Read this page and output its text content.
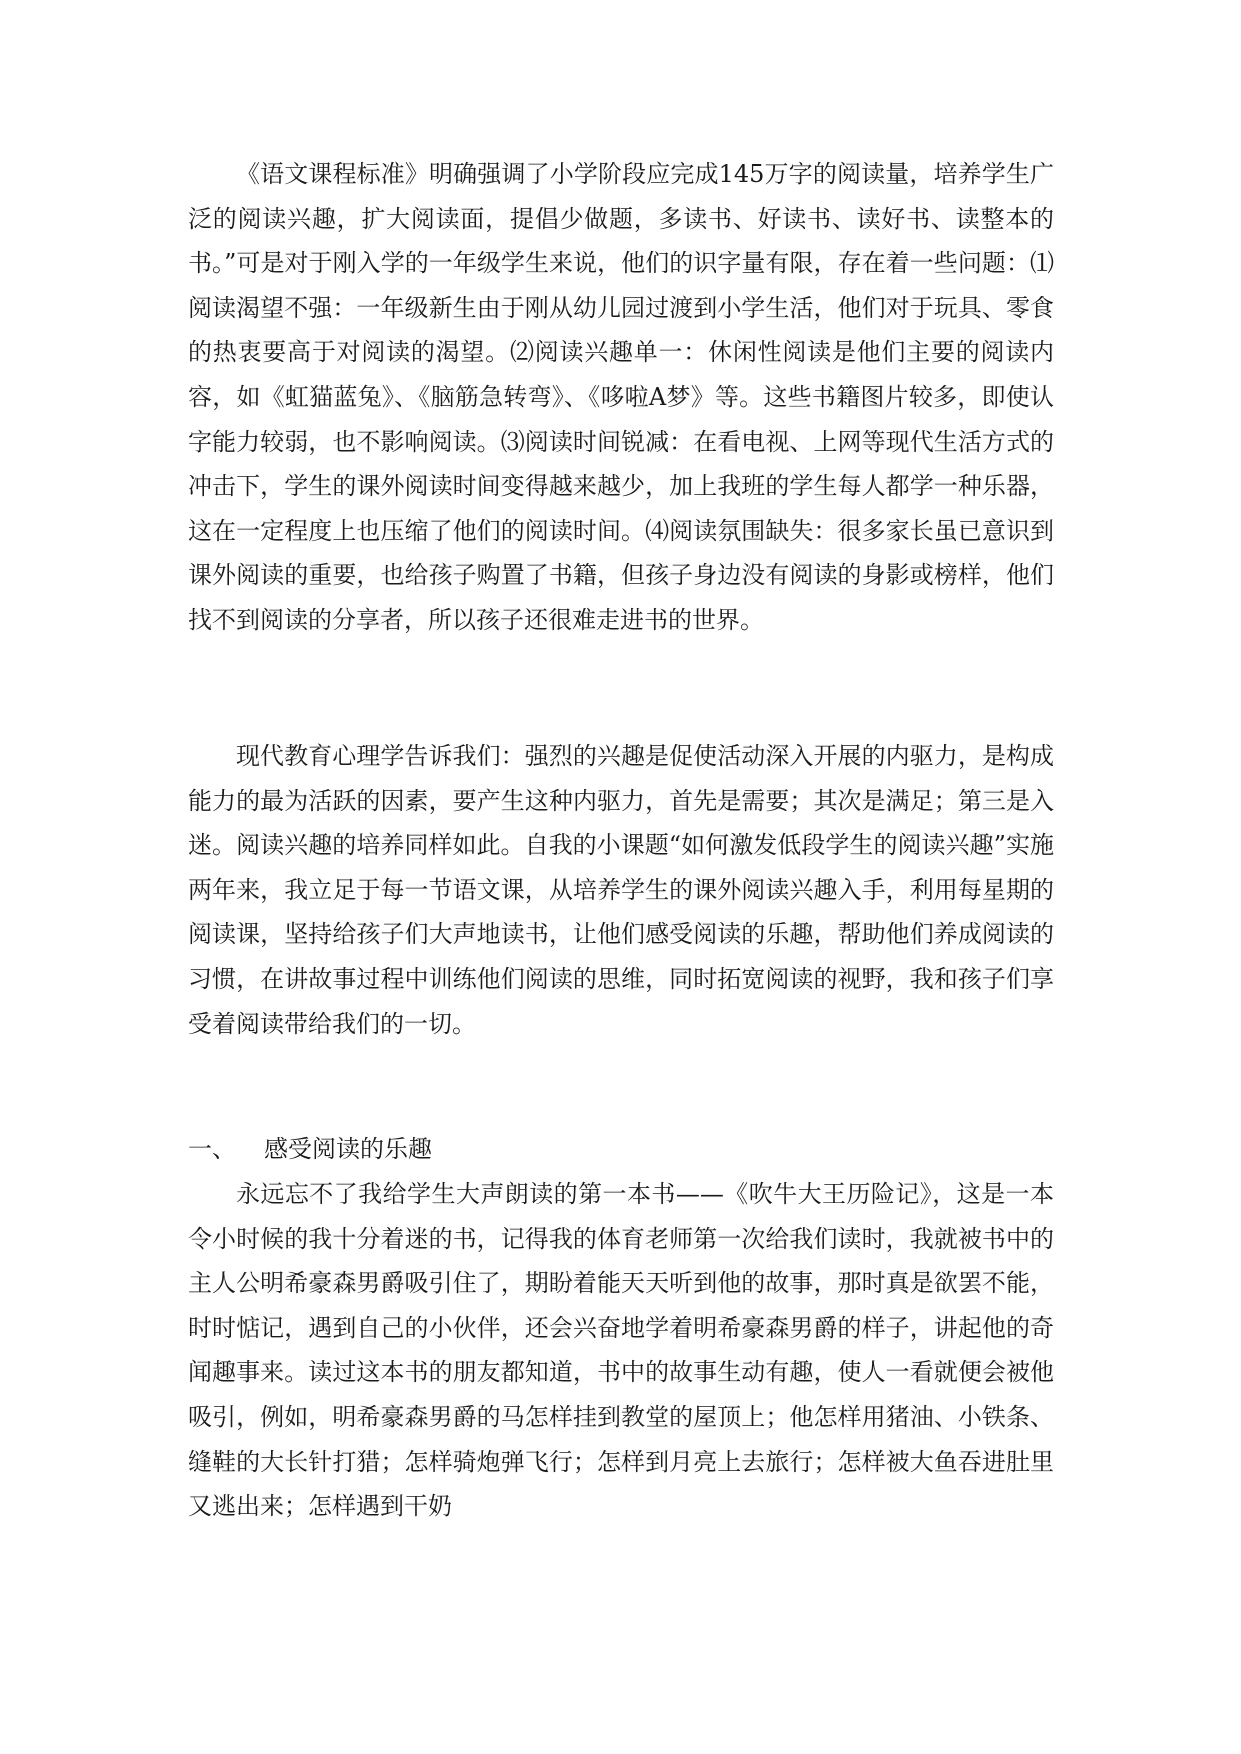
《语文课程标准》明确强调了小学阶段应完成145万字的阅读量，培养学生广泛的阅读兴趣，扩大阅读面，提倡少做题，多读书、好读书、读好书、读整本的书。”可是对于刚入学的一年级学生来说，他们的识字量有限，存在着一些问题：⑴阅读渴望不强：一年级新生由于刚从幼儿园过渡到小学生活，他们对于玩具、零食的热衷要高于对阅读的渴望。⑵阅读兴趣单一：休闲性阅读是他们主要的阅读内容，如《虹猫蓝兔》、《脑筋急转弯》、《哆啦A梦》等。这些书籍图片较多，即使认字能力较弱，也不影响阅读。⑶阅读时间锐减：在看电视、上网等现代生活方式的冲击下，学生的课外阅读时间变得越来越少，加上我班的学生每人都学一种乐器，这在一定程度上也压缩了他们的阅读时间。⑷阅读氛围缺失：很多家长虽已意识到课外阅读的重要，也给孩子购置了书籍，但孩子身边没有阅读的身影或榜样，他们找不到阅读的分享者，所以孩子还很难走进书的世界。

现代教育心理学告诉我们：强烈的兴趣是促使活动深入开展的内驱力，是构成能力的最为活跃的因素，要产生这种内驱力，首先是需要；其次是满足；第三是入迷。阅读兴趣的培养同样如此。自我的小课题“如何激发低段学生的阅读兴趣”实施两年来，我立足于每一节语文课，从培养学生的课外阅读兴趣入手，利用每星期的阅读课，坚持给孩子们大声地读书，让他们感受阅读的乐趣，帮助他们养成阅读的习惯，在讲故事过程中训练他们阅读的思维，同时拓宽阅读的视野，我和孩子们享受着阅读带给我们的一切。

一、 感受阅读的乐趣

永远忘不了我给学生大声朗读的第一本书——《吹牛大王历险记》，这是一本令小时候的我十分着迷的书，记得我的体育老师第一次给我们读时，我就被书中的主人公明希豪森男爵吸引住了，期盼着能天天听到他的故事，那时真是欲罢不能，时时惦记，遇到自己的小伙伴，还会兴奋地学着明希豪森男爵的样子，讲起他的奇闻趣事来。读过这本书的朋友都知道，书中的故事生动有趣，使人一看就便会被他吸引，例如，明希豪森男爵的马怎样挂到教堂的屋顶上；他怎样用猪油、小铁条、缝鞋的大长针打猎；怎样骑炮弹飞行；怎样到月亮上去旅行；怎样被大鱼吞进肚里又逃出来；怎样遇到干奶
